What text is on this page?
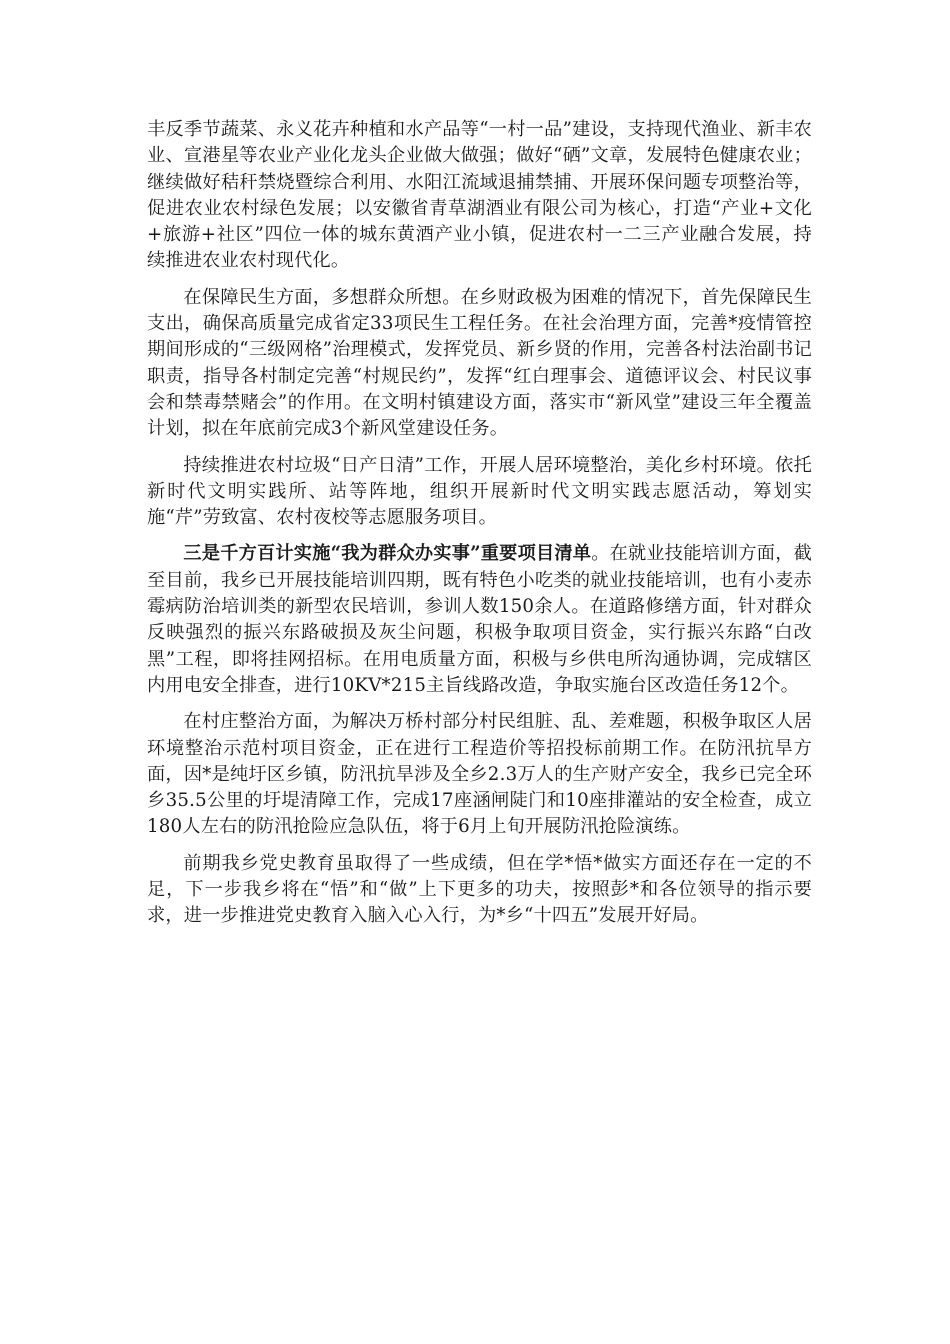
丰反季节蔬菜、永义花卉种植和水产品等“一村一品”建设，支持现代渔业、新丰农业、宣港星等农业产业化龙头企业做大做强；做好“硒”文章，发展特色健康农业；继续做好秸秆禁烧暨综合利用、水阳江流域退捕禁捕、开展环保问题专项整治等，促进农业农村绿色发展；以安徽省青草湖酒业有限公司为核心，打造“产业+文化+旅游+社区”四位一体的城东黄酒产业小镇，促进农村一二三产业融合发展，持续推进农业农村现代化。

在保障民生方面，多想群众所想。在乡财政极为困难的情况下，首先保障民生支出，确保高质量完成省定33项民生工程任务。在社会治理方面，完善*疫情管控期间形成的“三级网格”治理模式，发挥党员、新乡贤的作用，完善各村法治副书记职责，指导各村制定完善“村规民约”，发挥“红白理事会、道德评议会、村民议事会和禁毒禁赌会”的作用。在文明村镇建设方面，落实市“新风堂”建设三年全覆盖计划，拟在年底前完成3个新风堂建设任务。

持续推进农村垃圾“日产日清”工作，开展人居环境整治，美化乡村环境。依托新时代文明实践所、站等阵地，组织开展新时代文明实践志愿活动，筹划实施“芹”劳致富、农村夜校等志愿服务项目。

三是千方百计实施“我为群众办实事”重要项目清单。在就业技能培训方面，截至目前，我乡已开展技能培训四期，既有特色小吃类的就业技能培训，也有小麦赤霉病防治培训类的新型农民培训，参训人数150余人。在道路修缮方面，针对群众反映强烈的振兴东路破损及灰尘问题，积极争取项目资金，实行振兴东路“白改黑”工程，即将挂网招标。在用电质量方面，积极与乡供电所沟通协调，完成辖区内用电安全排查，进行10KV*215主旨线路改造，争取实施台区改造任务12个。

在村庄整治方面，为解决万桥村部分村民组脏、乱、差难题，积极争取区人居环境整治示范村项目资金，正在进行工程造价等招投标前期工作。在防汛抗旱方面，因*是纯圩区乡镇，防汛抗旱涉及全乡2.3万人的生产财产安全，我乡已完全环乡35.5公里的圩堤清障工作，完成17座涵闸陡门和10座排灌站的安全检查，成立180人左右的防汛抢险应急队伍，将于6月上旬开展防汛抢险演练。

前期我乡党史教育虽取得了一些成绩，但在学*悟*做实方面还存在一定的不足，下一步我乡将在“悟”和“做”上下更多的功夫，按照彭*和各位领导的指示要求，进一步推进党史教育入脑入心入行，为*乡“十四五”发展开好局。
